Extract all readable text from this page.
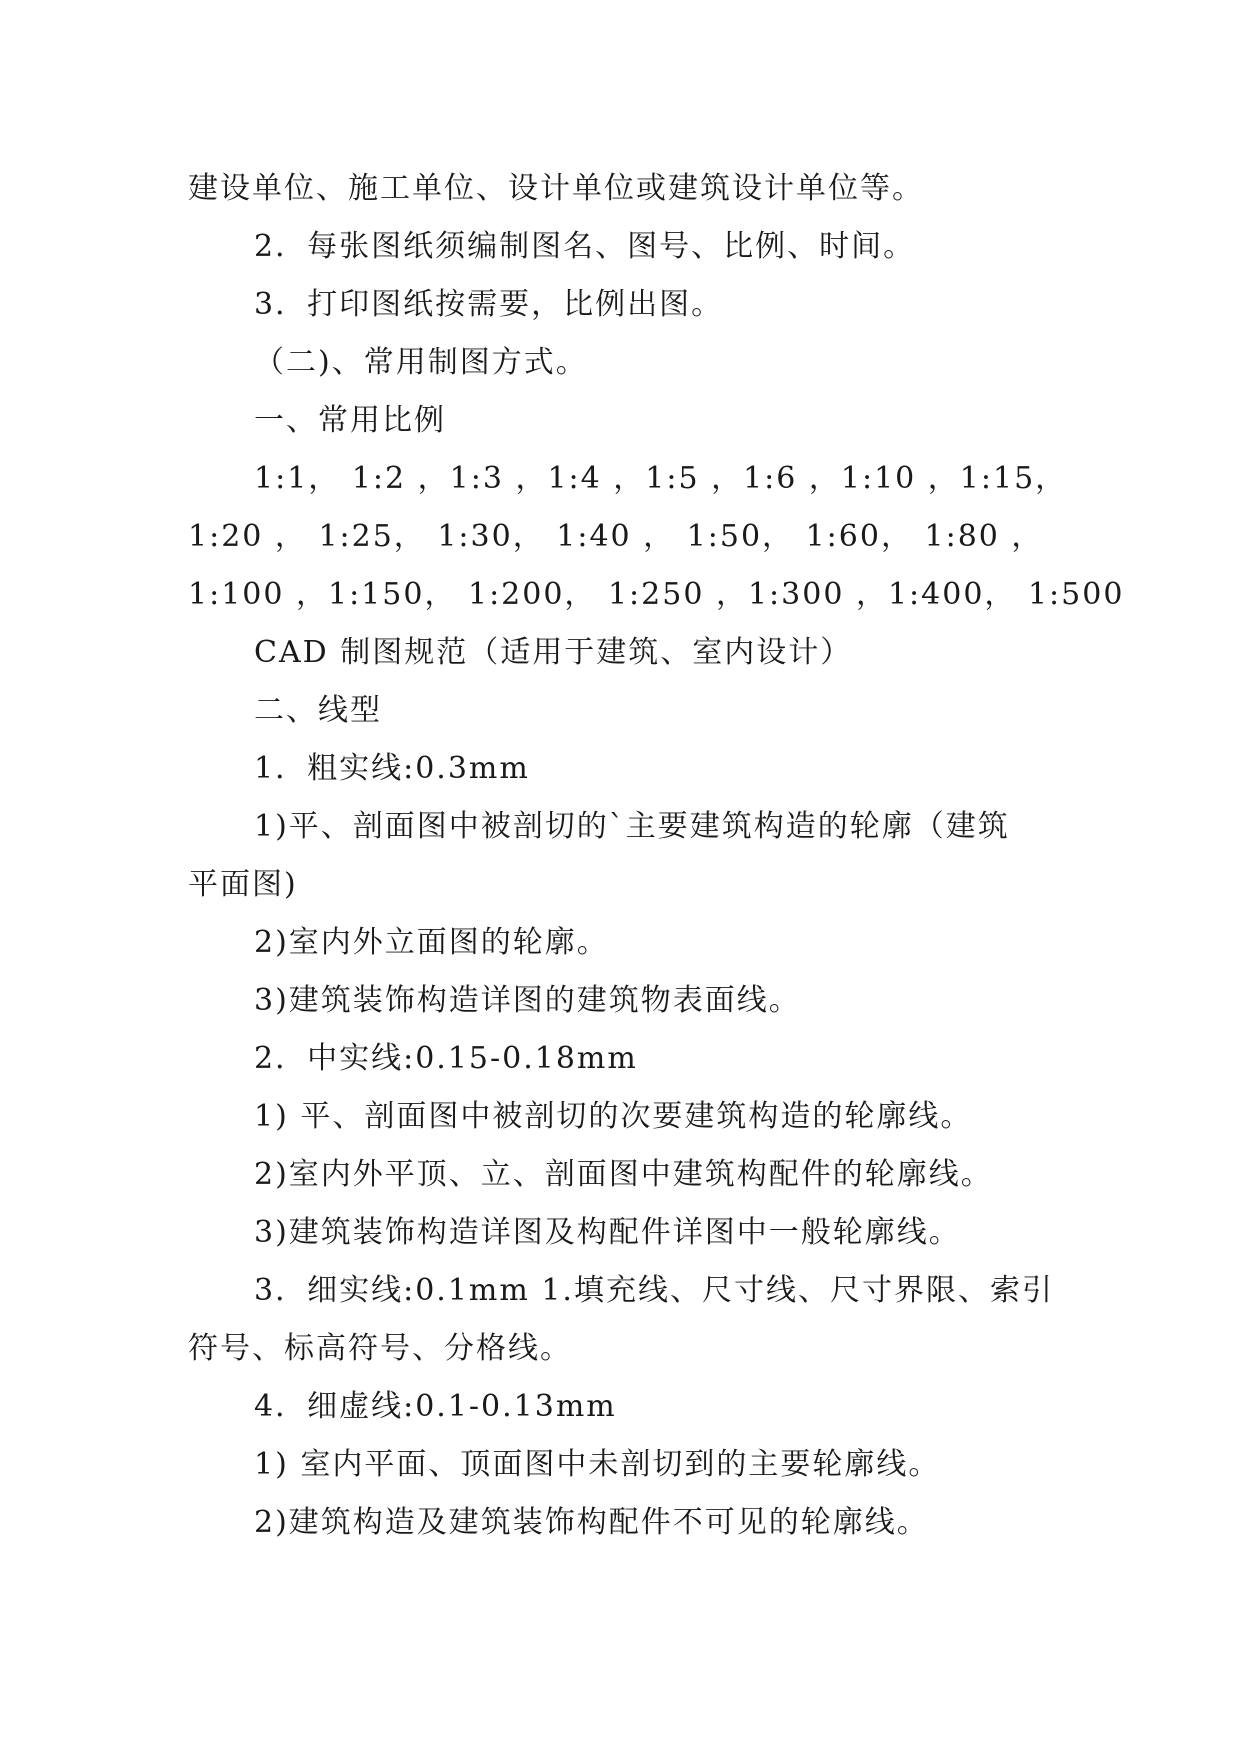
建设单位、施工单位、设计单位或建筑设计单位等。
2．每张图纸须编制图名、图号、比例、时间。
3．打印图纸按需要，比例出图。
（二)、常用制图方式。
一、常用比例
1:1， 1:2 ，1:3 ，1:4 ，1:5 ，1:6 ，1:10 ，1:15，
1:20 ， 1:25， 1:30， 1:40 ， 1:50， 1:60， 1:80 ，
1:100 ，1:150， 1:200， 1:250 ，1:300 ，1:400， 1:500
CAD 制图规范（适用于建筑、室内设计）
二、线型
1．粗实线:0.3mm
1)平、剖面图中被剖切的`主要建筑构造的轮廓（建筑
平面图)
2)室内外立面图的轮廓。
3)建筑装饰构造详图的建筑物表面线。
2．中实线:0.15-0.18mm
1) 平、剖面图中被剖切的次要建筑构造的轮廓线。
2)室内外平顶、立、剖面图中建筑构配件的轮廓线。
3)建筑装饰构造详图及构配件详图中一般轮廓线。
3．细实线:0.1mm 1.填充线、尺寸线、尺寸界限、索引
符号、标高符号、分格线。
4．细虚线:0.1-0.13mm
1) 室内平面、顶面图中未剖切到的主要轮廓线。
2)建筑构造及建筑装饰构配件不可见的轮廓线。
